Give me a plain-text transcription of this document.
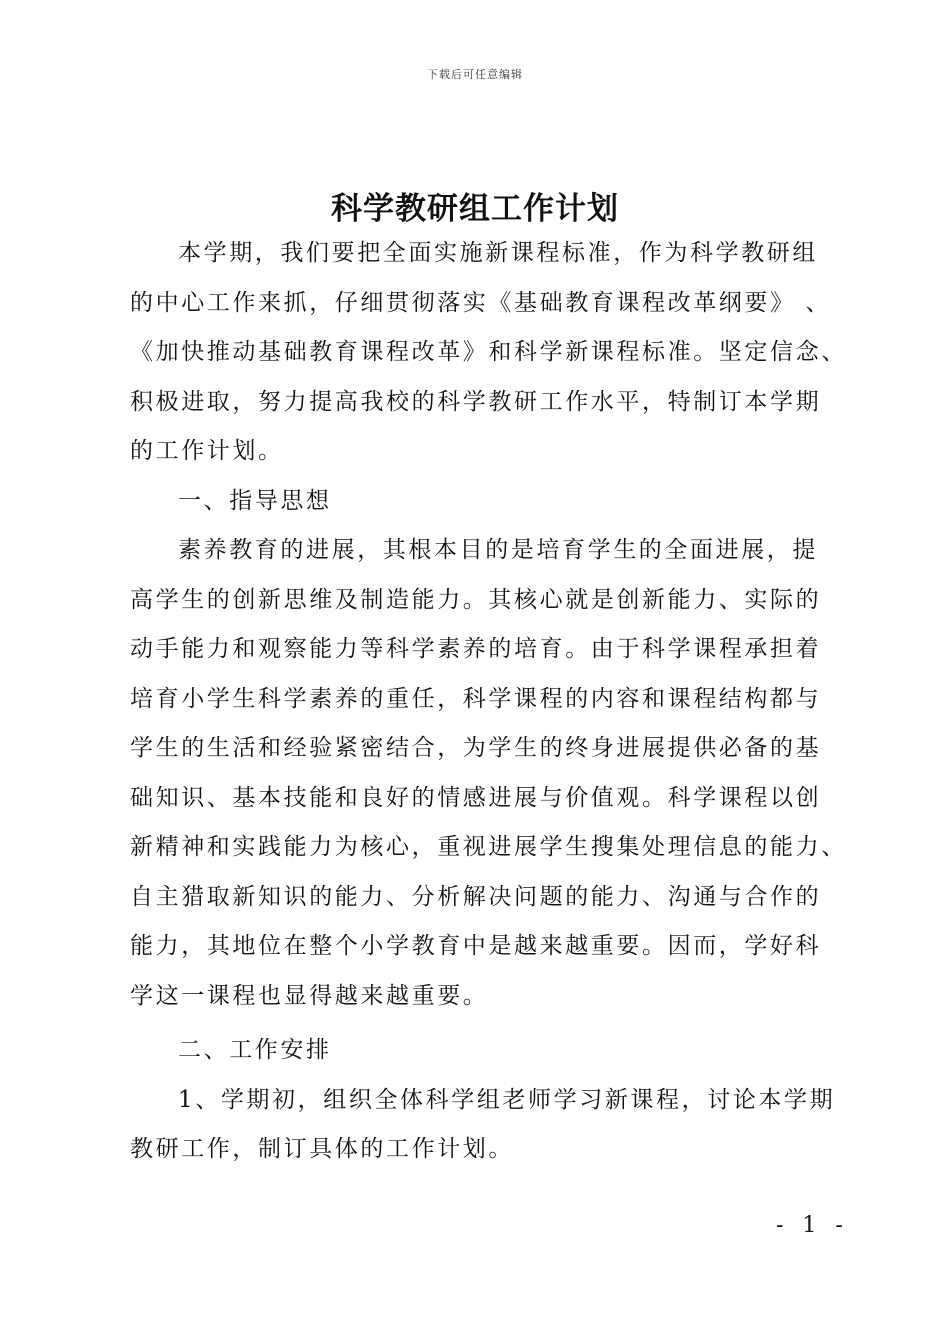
下载后可任意编辑
科学教研组工作计划
本学期，我们要把全面实施新课程标准，作为科学教研组
的中心工作来抓，仔细贯彻落实《基础教育课程改革纲要》 、
《加快推动基础教育课程改革》和科学新课程标准。坚定信念、
积极进取，努力提高我校的科学教研工作水平，特制订本学期
的工作计划。
一、指导思想
素养教育的进展，其根本目的是培育学生的全面进展，提
高学生的创新思维及制造能力。其核心就是创新能力、实际的
动手能力和观察能力等科学素养的培育。由于科学课程承担着
培育小学生科学素养的重任，科学课程的内容和课程结构都与
学生的生活和经验紧密结合，为学生的终身进展提供必备的基
础知识、基本技能和良好的情感进展与价值观。科学课程以创
新精神和实践能力为核心，重视进展学生搜集处理信息的能力、
自主猎取新知识的能力、分析解决问题的能力、沟通与合作的
能力，其地位在整个小学教育中是越来越重要。因而，学好科
学这一课程也显得越来越重要。
二、工作安排
1、学期初，组织全体科学组老师学习新课程，讨论本学期
教研工作，制订具体的工作计划。
- 1 -
